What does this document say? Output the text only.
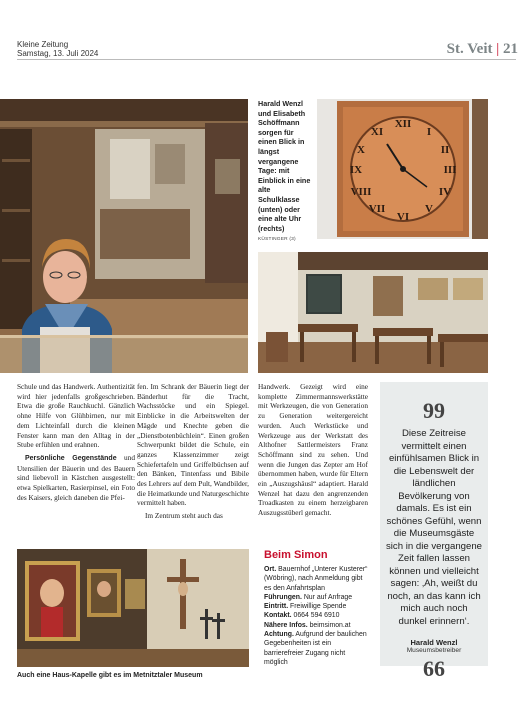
Kleine Zeitung
Samstag, 13. Juli 2024	St. Veit | 21
Harald Wenzl und Elisabeth Schöffmann sorgen für einen Blick in längst vergangene Tage: mit Einblick in eine alte Schulklasse (unten) oder eine alte Uhr (rechts) KÜSTINGER (3)
XII
I
II
III
IV
V
VI
VII
VIII
IX
X
XI

Schule und das Handwerk. Authentizität wird hier jedenfalls großgeschrieben. Etwa die große Rauchkuchl. Gänzlich ohne Hilfe von Glühbirnen, nur mit dem Lichteinfall durch die kleinen Fenster kann man den Alltag in der Stube erfühlen und erahnen.

Persönliche Gegenstände und Utensilien der Bäuerin und des Bauern sind liebevoll in Kästchen ausgestellt: etwa Spielkarten, Rasierpinsel, ein Foto des Kaisers, gleich daneben die Pfei-

fen. Im Schrank der Bäuerin liegt der Bänderhut für die Tracht, Wachsstöcke und ein Spiegel. Einblicke in die Arbeitswelten der Mägde und Knechte geben die „Dienstbotenbüchlein“. Einen großen Schwerpunkt bildet die Schule, ein ganzes Klassenzimmer zeigt Schiefertafeln und Griffelbüchsen auf den Bänken, Tintenfass und Bibile des Lehrers auf dem Pult, Wandbilder, die Heimatkunde und Naturgeschichte vermittelt haben.

Im Zentrum steht auch das

Handwerk. Gezeigt wird eine komplette Zimmermannswerkstätte mit Werkzeugen, die von Generation zu Generation weitergereicht wurden. Auch Werkstücke und Werkzeuge aus der Werkstatt des Althofner Sattlermeisters Franz Schöffmann sind zu sehen. Und wenn die Jungen das Zepter am Hof übernommen haben, wurde für Eltern ein „Auszugshäusl“ adaptiert. Harald Wenzel hat dazu den angrenzenden Troadkasten zu einem herzeigbaren Auszugsstüberl gemacht.

Auch eine Haus-Kapelle gibt es im Metnitztaler Museum
Beim Simon
Ort. Bauernhof „Unterer Kusterer“ (Wöbring), nach Anmeldung gibt es den Anfahrtsplan
Führungen. Nur auf Anfrage
Eintritt. Freiwillige Spende
Kontakt. 0664 594 6910
Nähere Infos. beimsimon.at
Achtung. Aufgrund der baulichen Gegebenheiten ist ein barrierefreier Zugang nicht möglich
99
Diese Zeitreise vermittelt einen einfühlsamen Blick in die Lebenswelt der ländlichen Bevölkerung von damals. Es ist ein schönes Gefühl, wenn die Museumsgäste sich in die vergangene Zeit fallen lassen können und vielleicht sagen: ‚Ah, weißt du noch, an das kann ich mich auch noch dunkel erinnern‘.
Harald Wenzl
Museumsbetreiber
66
